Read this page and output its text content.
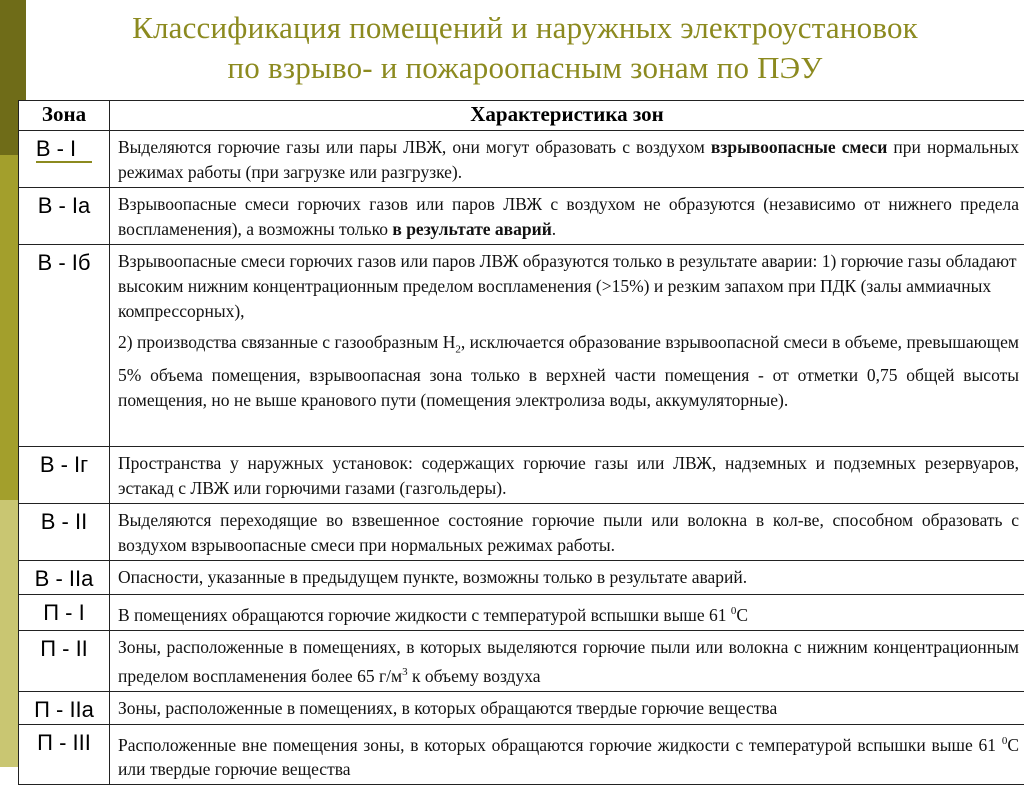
Классификация помещений и наружных электроустановок
по взрыво- и пожароопасным зонам по ПЭУ
Зона	Характеристика зон
В - I	Выделяются горючие газы или пары ЛВЖ, они могут образовать с воздухом взрывоопасные смеси при нормальных режимах работы (при загрузке или разгрузке).
В - Iа	Взрывоопасные смеси горючих газов или паров ЛВЖ с воздухом не образуются (независимо от нижнего предела воспламенения), а возможны только в результате аварий.
В - Iб	Взрывоопасные смеси горючих газов или паров ЛВЖ образуются только в результате аварии: 1) горючие газы обладают высоким нижним концентрационным пределом воспламенения (>15%) и резким запахом при ПДК (залы аммиачных компрессорных),

2) производства связанные с газообразным $Н_2$, исключается образование взрывоопасной смеси в объеме, превышающем 5% объема помещения, взрывоопасная зона только в верхней части помещения - от отметки 0,75 общей высоты помещения, но не выше кранового пути (помещения электролиза воды, аккумуляторные).

В - Iг	Пространства у наружных установок: содержащих горючие газы или ЛВЖ, надземных и подземных резервуаров, эстакад с ЛВЖ или горючими газами (газгольдеры).
В - II	Выделяются переходящие во взвешенное состояние горючие пыли или волокна в кол-ве, способном образовать с воздухом взрывоопасные смеси при нормальных режимах работы.
В - IIа	Опасности, указанные в предыдущем пункте, возможны только в результате аварий.
П - I	В помещениях обращаются горючие жидкости с температурой вспышки выше 61 $^0$С
П - II	Зоны, расположенные в помещениях, в которых выделяются горючие пыли или волокна с нижним концентрационным пределом воспламенения более 65 $г/м^3$ к объему воздуха
П - IIа	Зоны, расположенные в помещениях, в которых обращаются твердые горючие вещества
П - III	Расположенные вне помещения зоны, в которых обращаются горючие жидкости с температурой вспышки выше 61 $^0$С или твердые горючие вещества
